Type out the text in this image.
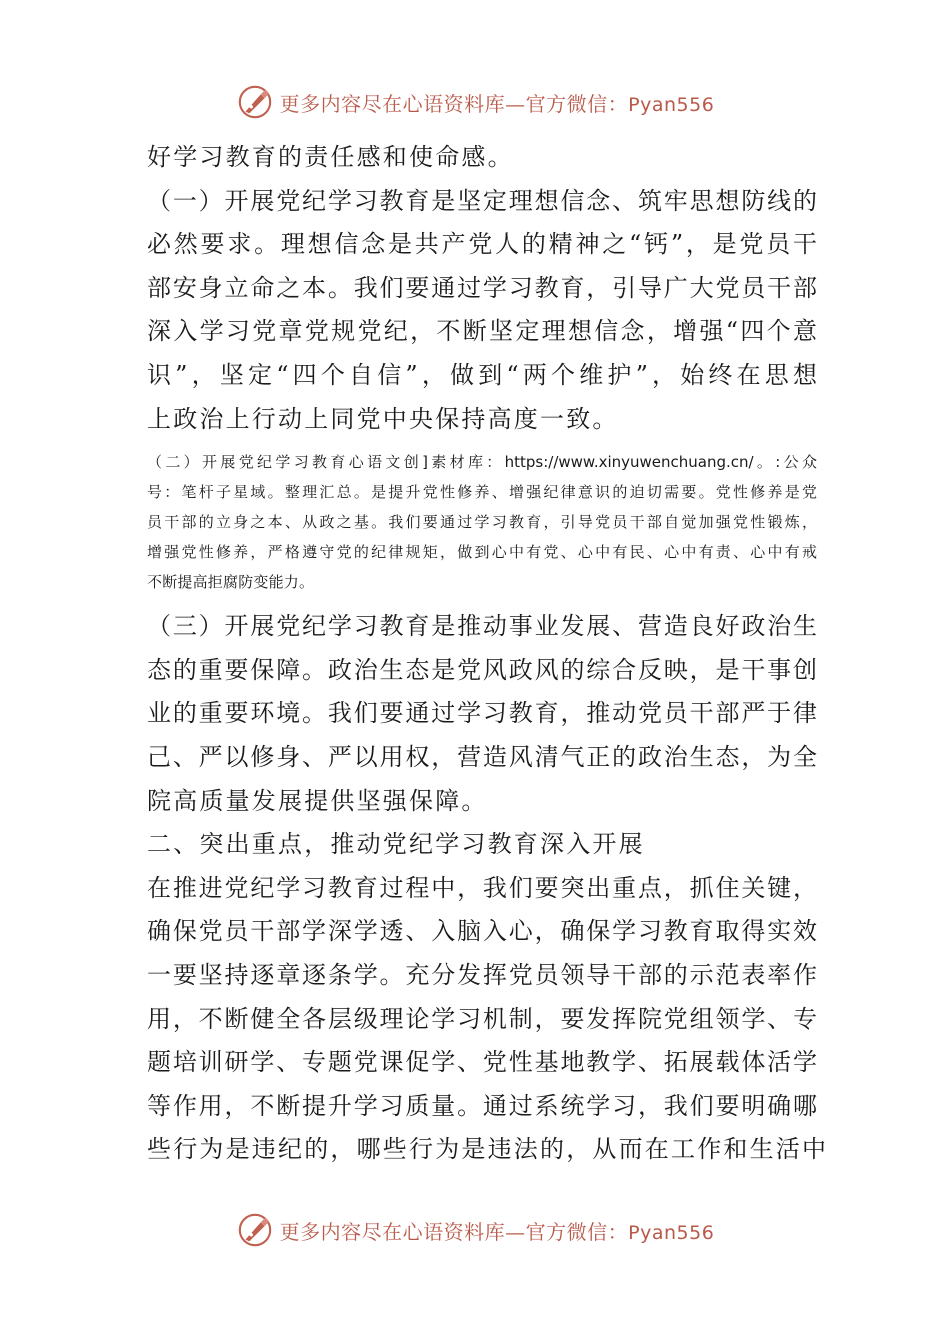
更多内容尽在心语资料库—官方微信：Pyan556
好学习教育的责任感和使命感。
（一）开展党纪学习教育是坚定理想信念、筑牢思想防线的
必然要求。理想信念是共产党人的精神之“钙”，是党员干
部安身立命之本。我们要通过学习教育，引导广大党员干部
深入学习党章党规党纪，不断坚定理想信念，增强“四个意
识”，坚定“四个自信”，做到“两个维护”，始终在思想
上政治上行动上同党中央保持高度一致。
（二）开展党纪学习教育心语文创]素材库：https://www.xinyuwenchuang.cn/。:公众
号：笔杆子星域。整理汇总。是提升党性修养、增强纪律意识的迫切需要。党性修养是党
员干部的立身之本、从政之基。我们要通过学习教育，引导党员干部自觉加强党性锻炼，
增强党性修养，严格遵守党的纪律规矩，做到心中有党、心中有民、心中有责、心中有戒
不断提高拒腐防变能力。
（三）开展党纪学习教育是推动事业发展、营造良好政治生
态的重要保障。政治生态是党风政风的综合反映，是干事创
业的重要环境。我们要通过学习教育，推动党员干部严于律
己、严以修身、严以用权，营造风清气正的政治生态，为全
院高质量发展提供坚强保障。
二、突出重点，推动党纪学习教育深入开展
在推进党纪学习教育过程中，我们要突出重点，抓住关键，
确保党员干部学深学透、入脑入心，确保学习教育取得实效
一要坚持逐章逐条学。充分发挥党员领导干部的示范表率作
用，不断健全各层级理论学习机制，要发挥院党组领学、专
题培训研学、专题党课促学、党性基地教学、拓展载体活学
等作用，不断提升学习质量。通过系统学习，我们要明确哪
些行为是违纪的，哪些行为是违法的，从而在工作和生活中
更多内容尽在心语资料库—官方微信：Pyan556
